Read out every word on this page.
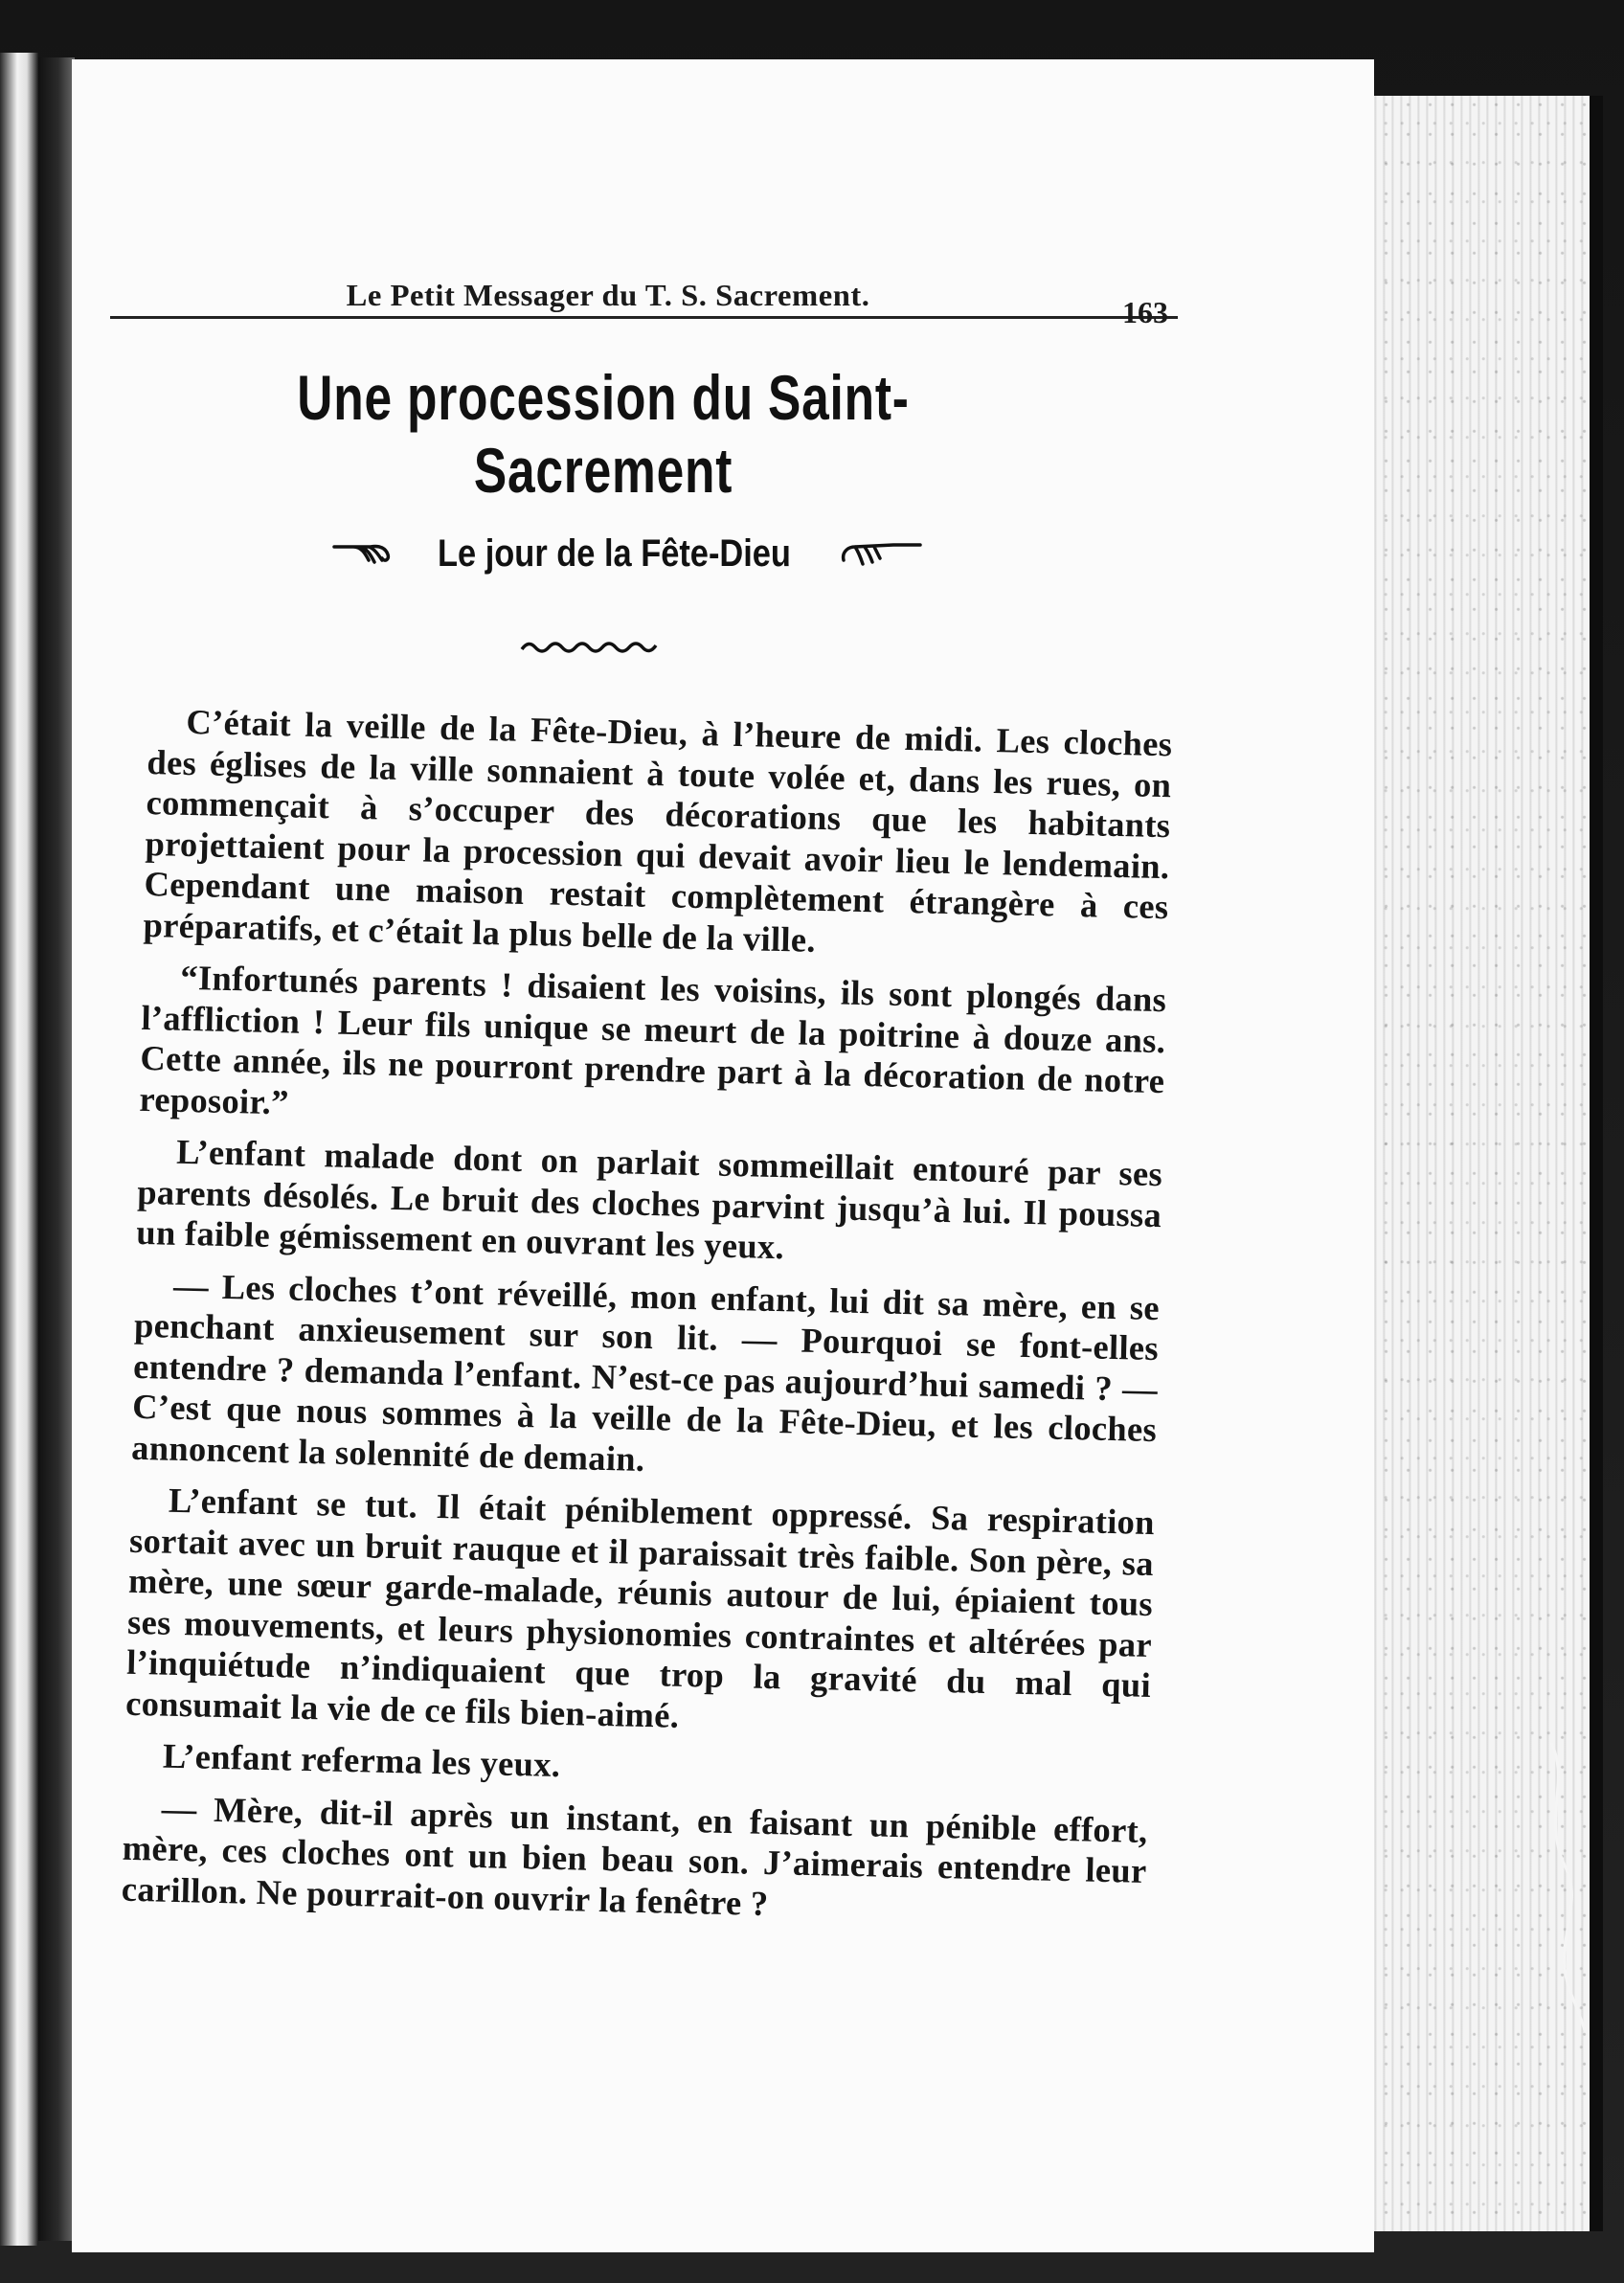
Le Petit Messager du T. S. Sacrement.	163
Une procession du Saint-Sacrement
Le jour de la Fête-Dieu

C’était la veille de la Fête-Dieu, à l’heure de midi. Les cloches des églises de la ville sonnaient à toute volée et, dans les rues, on commençait à s’occuper des décorations que les habitants projettaient pour la procession qui devait avoir lieu le lendemain. Cependant une maison restait complètement étrangère à ces préparatifs, et c’était la plus belle de la ville.

“Infortunés parents ! disaient les voisins, ils sont plongés dans l’affliction ! Leur fils unique se meurt de la poitrine à douze ans. Cette année, ils ne pourront prendre part à la décoration de notre reposoir.”

L’enfant malade dont on parlait sommeillait entouré par ses parents désolés. Le bruit des cloches parvint jusqu’à lui. Il poussa un faible gémissement en ouvrant les yeux.

— Les cloches t’ont réveillé, mon enfant, lui dit sa mère, en se penchant anxieusement sur son lit. — Pourquoi se font-elles entendre ? demanda l’enfant. N’est-ce pas aujourd’hui samedi ? — C’est que nous sommes à la veille de la Fête-Dieu, et les cloches annoncent la solennité de demain.

L’enfant se tut. Il était péniblement oppressé. Sa respiration sortait avec un bruit rauque et il paraissait très faible. Son père, sa mère, une sœur garde-malade, réunis autour de lui, épiaient tous ses mouvements, et leurs physionomies contraintes et altérées par l’inquiétude n’indiquaient que trop la gravité du mal qui consumait la vie de ce fils bien-aimé.

L’enfant referma les yeux.

— Mère, dit-il après un instant, en faisant un pénible effort, mère, ces cloches ont un bien beau son. J’aimerais entendre leur carillon. Ne pourrait-on ouvrir la fenêtre ?
